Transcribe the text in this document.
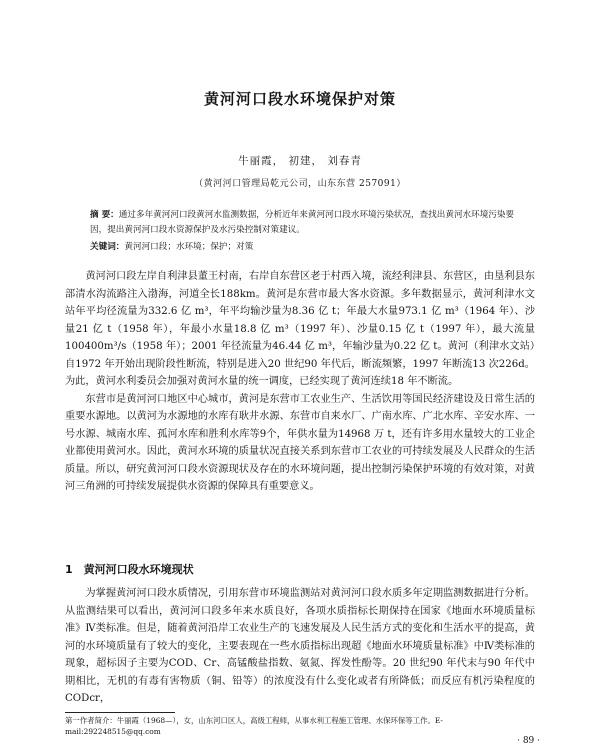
黄河河口段水环境保护对策
牛丽霞， 初建， 刘春青
（黄河河口管理局乾元公司，山东东营 257091）
摘 要：通过多年黄河河口段黄河水监测数据，分析近年来黄河河口段水环境污染状况，查找出黄河水环境污染要因，提出黄河河口段水资源保护及水污染控制对策建议。
关键词：黄河河口段；水环境；保护；对策

黄河河口段左岸自利津县董王村南，右岸自东营区老于村西入境，流经利津县、东营区，由垦利县东部清水沟流路注入渤海，河道全长188km。黄河是东营市最大客水资源。多年数据显示，黄河利津水文站年平均径流量为332.6 亿 m³，年平均输沙量为8.36 亿 t；年最大水量973.1 亿 m³（1964 年）、沙量21 亿 t（1958 年），年最小水量18.8 亿 m³（1997 年）、沙量0.15 亿 t（1997 年），最大流量100400m³/s（1958 年）；2001 年径流量为46.44 亿 m³，年输沙量为0.22 亿 t。黄河（利津水文站）自1972 年开始出现阶段性断流，特别是进入20 世纪90 年代后，断流频繁，1997 年断流13 次226d。为此，黄河水利委员会加强对黄河水量的统一调度，已经实现了黄河连续18 年不断流。

东营市是黄河河口地区中心城市，黄河是东营市工农业生产、生活饮用等国民经济建设及日常生活的重要水源地。以黄河为水源地的水库有耿井水源、东营市自来水厂、广南水库、广北水库、辛安水库、一号水源、城南水库、孤河水库和胜利水库等9个，年供水量为14968 万 t，还有许多用水量较大的工业企业都使用黄河水。因此，黄河水环境的质量状况直接关系到东营市工农业的可持续发展及人民群众的生活质量。所以，研究黄河河口段水资源现状及存在的水环境问题，提出控制污染保护环境的有效对策，对黄河三角洲的可持续发展提供水资源的保障具有重要意义。

1　黄河河口段水环境现状

为掌握黄河河口段水质情况，引用东营市环境监测站对黄河河口段水质多年定期监测数据进行分析。从监测结果可以看出，黄河河口段多年来水质良好，各项水质指标长期保持在国家《地面水环境质量标准》Ⅳ类标准。但是，随着黄河沿岸工农业生产的飞速发展及人民生活方式的变化和生活水平的提高，黄河的水环境质量有了较大的变化，主要表现在一些水质指标出现超《地面水环境质量标准》中Ⅳ类标准的现象，超标因子主要为COD、Cr、高锰酸盐指数、氨氮、挥发性酚等。20 世纪90 年代末与90 年代中期相比，无机的有毒有害物质（铜、铅等）的浓度没有什么变化或者有所降低；而反应有机污染程度的CODcr，

第一作者简介：牛丽霞（1968—），女，山东河口区人，高级工程师，从事水利工程施工管理、水保环保等工作。E-mail:292248515@qq.com
· 89 ·
